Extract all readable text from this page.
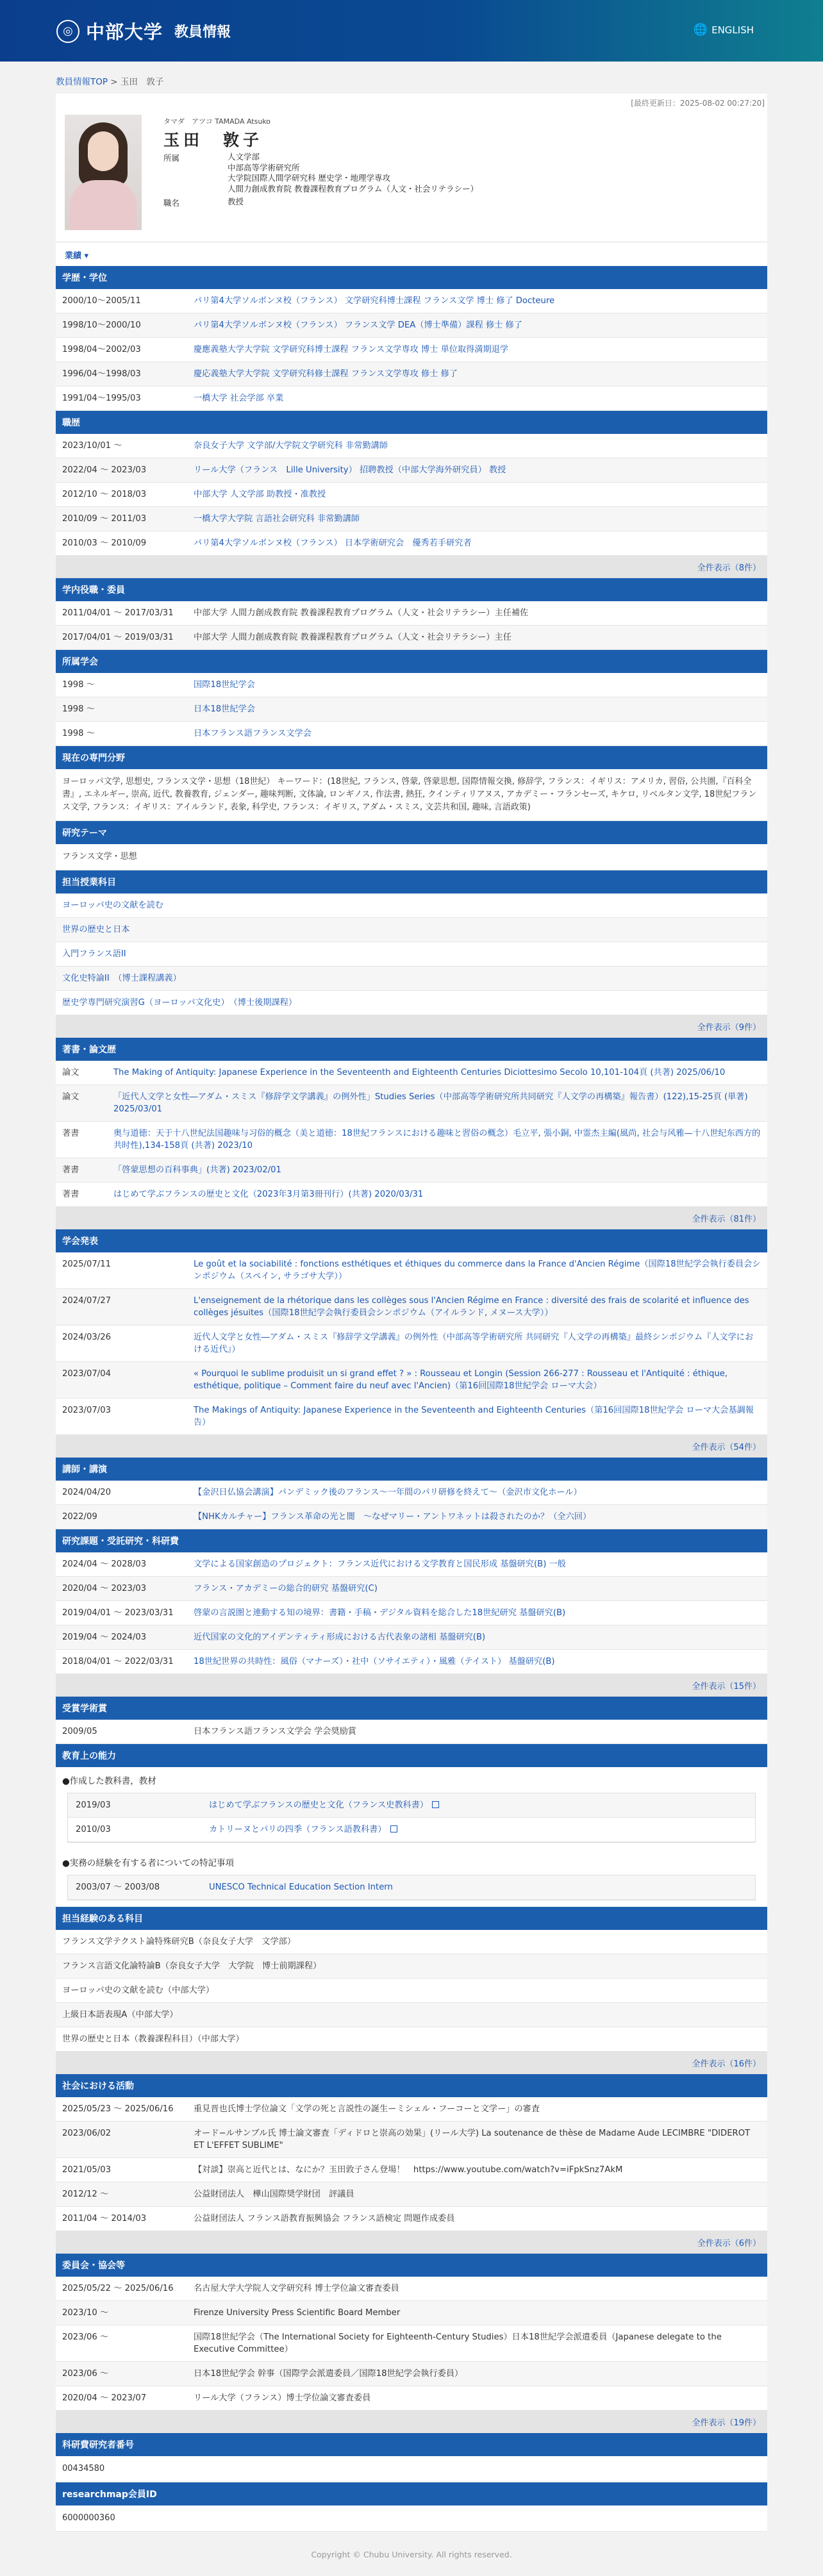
◎ 中部大学 教員情報	🌐 ENGLISH
教員情報TOP > 玉田　敦子
[最終更新日：2025-08-02 00:27:20]
タマダ　アツコ TAMADA Atsuko
玉田　敦子
所属	人文学部
中部高等学術研究所
大学院国際人間学研究科 歴史学・地理学専攻
人間力創成教育院 教養課程教育プログラム（人文・社会リテラシー）
職名	教授
業績 ▾
学歴・学位
2000/10〜2005/11	パリ第4大学ソルボンヌ校（フランス） 文学研究科博士課程 フランス文学 博士 修了 Docteure
1998/10〜2000/10	パリ第4大学ソルボンヌ校（フランス） フランス文学 DEA（博士準備）課程 修士 修了
1998/04〜2002/03	慶應義塾大学大学院 文学研究科博士課程 フランス文学専攻 博士 単位取得満期退学
1996/04〜1998/03	慶応義塾大学大学院 文学研究科修士課程 フランス文学専攻 修士 修了
1991/04〜1995/03	一橋大学 社会学部 卒業
職歴
2023/10/01 〜	奈良女子大学 文学部/大学院文学研究科 非常勤講師
2022/04 〜 2023/03	リール大学（フランス　Lille University） 招聘教授（中部大学海外研究員） 教授
2012/10 〜 2018/03	中部大学 人文学部 助教授・准教授
2010/09 〜 2011/03	一橋大学大学院 言語社会研究科 非常勤講師
2010/03 〜 2010/09	パリ第4大学ソルボンヌ校（フランス） 日本学術研究会　優秀若手研究者
全件表示（8件）
学内役職・委員
2011/04/01 〜 2017/03/31	中部大学 人間力創成教育院 教養課程教育プログラム（人文・社会リテラシー）主任補佐
2017/04/01 〜 2019/03/31	中部大学 人間力創成教育院 教養課程教育プログラム（人文・社会リテラシー）主任
所属学会
1998 〜	国際18世紀学会
1998 〜	日本18世紀学会
1998 〜	日本フランス語フランス文学会
現在の専門分野
ヨーロッパ文学, 思想史, フランス文学・思想（18世紀） キーワード：(18世紀, フランス, 啓蒙, 啓蒙思想, 国際情報交換, 修辞学, フランス：イギリス：アメリカ, 習俗, 公共圏,『百科全書』, エネルギー, 崇高, 近代, 教養教育, ジェンダー, 趣味判断, 文体論, ロンギノス, 作法書, 熱狂, クインティリアヌス, アカデミー・フランセーズ, キケロ, リベルタン文学, 18世紀フランス文学, フランス：イギリス：アイルランド, 表象, 科学史, フランス：イギリス, アダム・スミス, 文芸共和国, 趣味, 言語政策)
研究テーマ
フランス文学・思想
担当授業科目
ヨーロッパ史の文献を読む
世界の歴史と日本
入門フランス語II
文化史特論II　（博士課程講義）
歴史学専門研究演習G（ヨーロッパ文化史）　（博士後期課程）
全件表示（9件）
著書・論文歴
論文	The Making of Antiquity: Japanese Experience in the Seventeenth and Eighteenth Centuries Diciottesimo Secolo 10,101-104頁 (共著) 2025/06/10
論文	「近代人文学と女性―アダム・スミス『修辞学文学講義』の例外性」Studies Series（中部高等学術研究所共同研究『人文学の再構築』報告書）(122),15-25頁 (単著) 2025/03/01
著書	奥与道徳：天于十八世紀法国趣味与习俗的概念（美と道徳：18世紀フランスにおける趣味と習俗の概念）毛立平, 張小銅, 中霊杰主編(風尚, 社会与风雅—十八世纪东西方的共时性),134-158頁 (共著) 2023/10
著書	「啓蒙思想の百科事典」(共著) 2023/02/01
著書	はじめて学ぶフランスの歴史と文化（2023年3月第3冊刊行）(共著) 2020/03/31
全件表示（81件）
学会発表
2025/07/11	Le goût et la sociabilité : fonctions esthétiques et éthiques du commerce dans la France d'Ancien Régime（国際18世紀学会執行委員会シンポジウム（スペイン, サラゴサ大学））
2024/07/27	L'enseignement de la rhétorique dans les collèges sous l'Ancien Régime en France : diversité des frais de scolarité et influence des collèges jésuites（国際18世紀学会執行委員会シンポジウム（アイルランド, メヌース大学））
2024/03/26	近代人文学と女性―アダム・スミス『修辞学文学講義』の例外性（中部高等学術研究所 共同研究『人文学の再構築』最終シンポジウム『人文学における近代』）
2023/07/04	« Pourquoi le sublime produisit un si grand effet ? » : Rousseau et Longin (Session 266-277 : Rousseau et l'Antiquité : éthique, esthétique, politique – Comment faire du neuf avec l'Ancien)（第16回国際18世紀学会 ローマ大会）
2023/07/03	The Makings of Antiquity: Japanese Experience in the Seventeenth and Eighteenth Centuries（第16回国際18世紀学会 ローマ大会基調報告）
全件表示（54件）
講師・講演
2024/04/20	【金沢日仏協会講演】パンデミック後のフランス〜一年間のパリ研修を終えて〜（金沢市文化ホール）
2022/09	【NHKカルチャー】フランス革命の光と闇　〜なぜマリー・アントワネットは殺されたのか？（全六回）
研究課題・受託研究・科研費
2024/04 〜 2028/03	文学による国家創造のプロジェクト：フランス近代における文学教育と国民形成 基盤研究(B) 一般
2020/04 〜 2023/03	フランス・アカデミーの総合的研究 基盤研究(C)
2019/04/01 〜 2023/03/31	啓蒙の言説圏と連動する知の境界：書籍・手稿・デジタル資料を総合した18世紀研究 基盤研究(B)
2019/04 〜 2024/03	近代国家の文化的アイデンティティ形成における古代表象の諸相 基盤研究(B)
2018/04/01 〜 2022/03/31	18世紀世界の共時性：風俗（マナーズ）・社中（ソサイエティ）・風雅（テイスト） 基盤研究(B)
全件表示（15件）
受賞学術賞
2009/05	日本フランス語フランス文学会 学会奨励賞
教育上の能力
●作成した教科書，教材
2019/03	はじめて学ぶフランスの歴史と文化（フランス史教科書）
2010/03	カトリーヌとパリの四季（フランス語教科書）
●実務の経験を有する者についての特記事項
2003/07 〜 2003/08	UNESCO Technical Education Section Intern
担当経験のある科目
フランス文学テクスト論特殊研究B（奈良女子大学　文学部）
フランス言語文化論特論B（奈良女子大学　大学院　博士前期課程）
ヨーロッパ史の文献を読む（中部大学）
上級日本語表現A（中部大学）
世界の歴史と日本（教養課程科目）（中部大学）
全件表示（16件）
社会における活動
2025/05/23 〜 2025/06/16	重見晋也氏博士学位論文「文学の死と言説性の誕生ーミシェル・フーコーと文学ー」の審査
2023/06/02	オード−ルサンブル氏 博士論文審査「ディドロと崇高の効果」(リール大学) La soutenance de thèse de Madame Aude LECIMBRE "DIDEROT ET L'EFFET SUBLIME"
2021/05/03	【対談】崇高と近代とは、なにか？玉田敦子さん登場！　https://www.youtube.com/watch?v=iFpkSnz7AkM
2012/12 〜	公益財団法人　樺山国際奨学財団　評議員
2011/04 〜 2014/03	公益財団法人 フランス語教育振興協会 フランス語検定 問題作成委員
全件表示（6件）
委員会・協会等
2025/05/22 〜 2025/06/16	名古屋大学大学院人文学研究科 博士学位論文審査委員
2023/10 〜	Firenze University Press Scientific Board Member
2023/06 〜	国際18世紀学会（The International Society for Eighteenth-Century Studies）日本18世紀学会派遣委員（Japanese delegate to the Executive Committee）
2023/06 〜	日本18世紀学会 幹事（国際学会派遣委員／国際18世紀学会執行委員）
2020/04 〜 2023/07	リール大学（フランス）博士学位論文審査委員
全件表示（19件）
科研費研究者番号
00434580
researchmap会員ID
6000000360
Copyright © Chubu University. All rights reserved.
